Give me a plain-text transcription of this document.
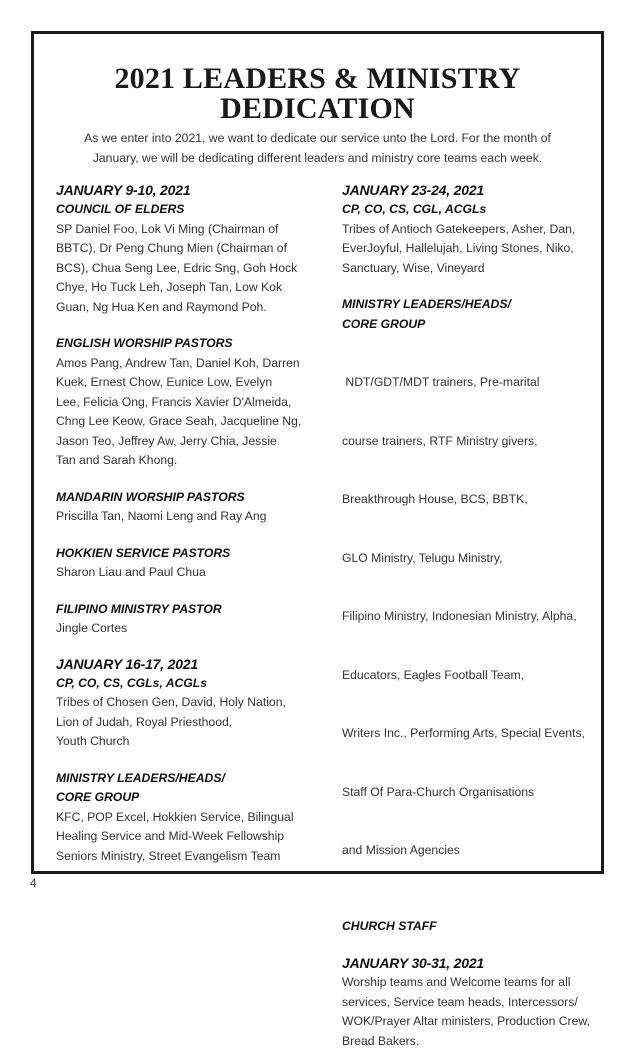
2021 LEADERS & MINISTRY
DEDICATION

As we enter into 2021, we want to dedicate our service unto the Lord. For the month of
January, we will be dedicating different leaders and ministry core teams each week.

JANUARY 9-10, 2021
COUNCIL OF ELDERS
SP Daniel Foo, Lok Vi Ming (Chairman of
BBTC), Dr Peng Chung Mien (Chairman of
BCS), Chua Seng Lee, Edric Sng, Goh Hock
Chye, Ho Tuck Leh, Joseph Tan, Low Kok
Guan, Ng Hua Ken and Raymond Poh.
ENGLISH WORSHIP PASTORS
Amos Pang, Andrew Tan, Daniel Koh, Darren
Kuek, Ernest Chow, Eunice Low, Evelyn
Lee, Felicia Ong, Francis Xavier D'Almeida,
Chng Lee Keow, Grace Seah, Jacqueline Ng,
Jason Teo, Jeffrey Aw, Jerry Chia, Jessie
Tan and Sarah Khong.
MANDARIN WORSHIP PASTORS
Priscilla Tan, Naomi Leng and Ray Ang
HOKKIEN SERVICE PASTORS
Sharon Liau and Paul Chua
FILIPINO MINISTRY PASTOR
Jingle Cortes
JANUARY 16-17, 2021
CP, CO, CS, CGLs, ACGLs
Tribes of Chosen Gen, David, Holy Nation,
Lion of Judah, Royal Priesthood,
Youth Church
MINISTRY LEADERS/HEADS/
CORE GROUP
KFC, POP Excel, Hokkien Service, Bilingual
Healing Service and Mid-Week Fellowship
Seniors Ministry, Street Evangelism Team
JANUARY 23-24, 2021
CP, CO, CS, CGL, ACGLs
Tribes of Antioch Gatekeepers, Asher, Dan,
EverJoyful, Hallelujah, Living Stones, Niko,
Sanctuary, Wise, Vineyard
MINISTRY LEADERS/HEADS/
CORE GROUP

NDT/GDT/MDT trainers, Pre-marital

course trainers, RTF Ministry givers,

Breakthrough House, BCS, BBTK,

GLO Ministry, Telugu Ministry,

Filipino Ministry, Indonesian Ministry, Alpha,

Educators, Eagles Football Team,

Writers Inc., Performing Arts, Special Events,

Staff Of Para-Church Organisations

and Mission Agencies

CHURCH STAFF
JANUARY 30-31, 2021
Worship teams and Welcome teams for all
services, Service team heads, Intercessors/
WOK/Prayer Altar ministers, Production Crew,
Bread Bakers.
4
